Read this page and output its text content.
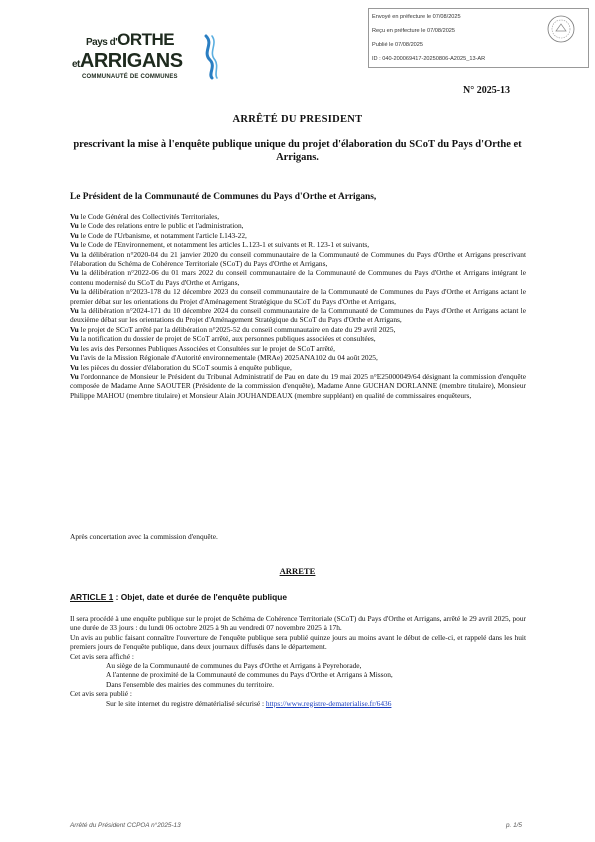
Pays d'ORTHE
etARRIGANS
COMMUNAUTÉ DE COMMUNES
Envoyé en préfecture le 07/08/2025
Reçu en préfecture le 07/08/2025
Publié le 07/08/2025
ID : 040-200069417-20250806-A2025_13-AR
N° 2025-13
ARRÊTÉ DU PRESIDENT
prescrivant la mise à l'enquête publique unique du projet d'élaboration du SCoT du Pays d'Orthe et Arrigans.
Le Président de la Communauté de Communes du Pays d'Orthe et Arrigans,

Vu le Code Général des Collectivités Territoriales,

Vu le Code des relations entre le public et l'administration,

Vu le Code de l'Urbanisme, et notamment l'article L143-22,

Vu le Code de l'Environnement, et notamment les articles L.123-1 et suivants et R. 123-1 et suivants,

Vu la délibération n°2020-04 du 21 janvier 2020 du conseil communautaire de la Communauté de Communes du Pays d'Orthe et Arrigans prescrivant l'élaboration du Schéma de Cohérence Territoriale (SCoT) du Pays d'Orthe et Arrigans,

Vu la délibération n°2022-06 du 01 mars 2022 du conseil communautaire de la Communauté de Communes du Pays d'Orthe et Arrigans intégrant le contenu modernisé du SCoT du Pays d'Orthe et Arrigans,

Vu la délibération n°2023-178 du 12 décembre 2023 du conseil communautaire de la Communauté de Communes du Pays d'Orthe et Arrigans actant le premier débat sur les orientations du Projet d'Aménagement Stratégique du SCoT du Pays d'Orthe et Arrigans,

Vu la délibération n°2024-171 du 10 décembre 2024 du conseil communautaire de la Communauté de Communes du Pays d'Orthe et Arrigans actant le deuxième débat sur les orientations du Projet d'Aménagement Stratégique du SCoT du Pays d'Orthe et Arrigans,

Vu le projet de SCoT arrêté par la délibération n°2025-52 du conseil communautaire en date du 29 avril 2025,

Vu la notification du dossier de projet de SCoT arrêté, aux personnes publiques associées et consultées,

Vu les avis des Personnes Publiques Associées et Consultées sur le projet de SCoT arrêté,

Vu l'avis de la Mission Régionale d'Autorité environnementale (MRAe) 2025ANA102 du 04 août 2025,

Vu les pièces du dossier d'élaboration du SCoT soumis à enquête publique,

Vu l'ordonnance de Monsieur le Président du Tribunal Administratif de Pau en date du 19 mai 2025 n°E25000049/64 désignant la commission d'enquête composée de Madame Anne SAOUTER (Présidente de la commission d'enquête), Madame Anne GUCHAN DORLANNE (membre titulaire), Monsieur Philippe MAHOU (membre titulaire) et Monsieur Alain JOUHANDEAUX (membre suppléant) en qualité de commissaires enquêteurs,

Après concertation avec la commission d'enquête.
ARRETE
ARTICLE 1 : Objet, date et durée de l'enquête publique

Il sera procédé à une enquête publique sur le projet de Schéma de Cohérence Territoriale (SCoT) du Pays d'Orthe et Arrigans, arrêté le 29 avril 2025, pour une durée de 33 jours : du lundi 06 octobre 2025 à 9h au vendredi 07 novembre 2025 à 17h.

Un avis au public faisant connaître l'ouverture de l'enquête publique sera publié quinze jours au moins avant le début de celle-ci, et rappelé dans les huit premiers jours de l'enquête publique, dans deux journaux diffusés dans le département.

Cet avis sera affiché :

Au siège de la Communauté de communes du Pays d'Orthe et Arrigans à Peyrehorade,

A l'antenne de proximité de la Communauté de communes du Pays d'Orthe et Arrigans à Misson,

Dans l'ensemble des mairies des communes du territoire.

Cet avis sera publié :

Sur le site internet du registre dématérialisé sécurisé : https://www.registre-dematerialise.fr/6436

Arrêté du Président CCPOA n°2025-13	p. 1/5
